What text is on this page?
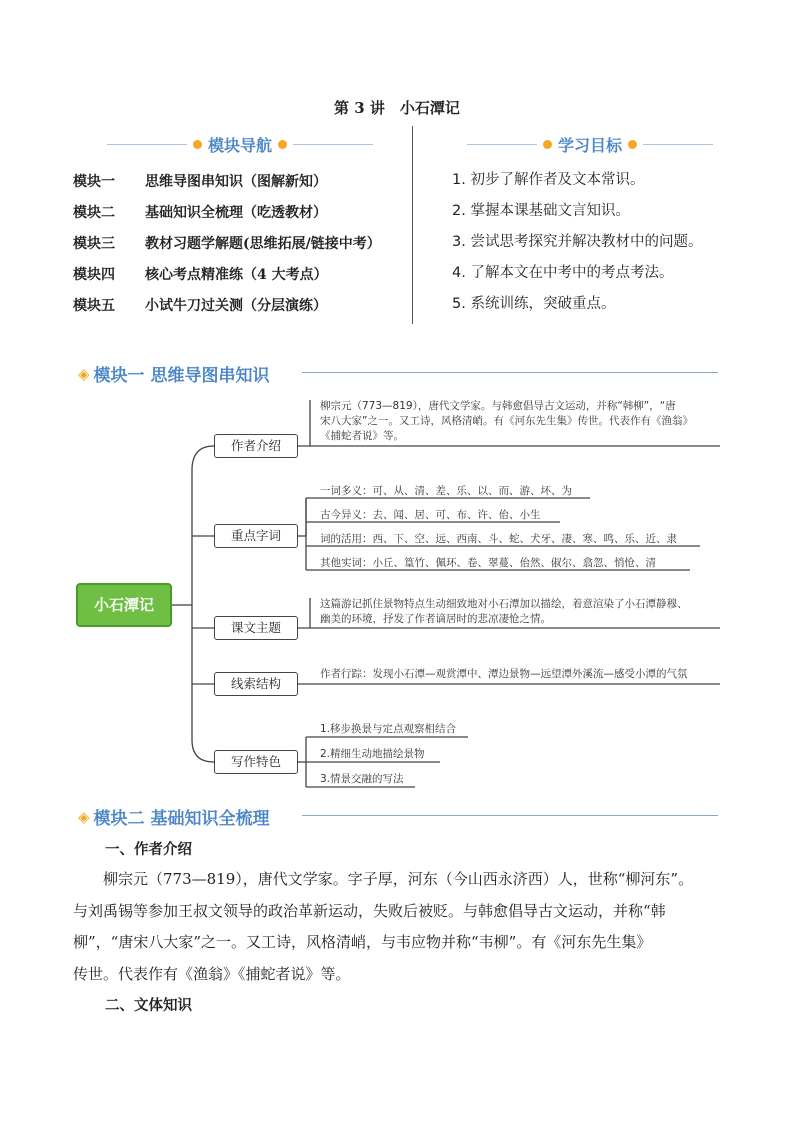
第 3 讲　小石潭记
模块导航
模块一	思维导图串知识（图解新知）
模块二	基础知识全梳理（吃透教材）
模块三	教材习题学解题(思维拓展/链接中考）
模块四	核心考点精准练（4 大考点）
模块五	小试牛刀过关测（分层演练）
学习目标
1. 初步了解作者及文本常识。
2. 掌握本课基础文言知识。
3. 尝试思考探究并解决教材中的问题。
4. 了解本文在中考中的考点考法。
5. 系统训练，突破重点。
◈ 模块一 思维导图串知识
小石潭记
作者介绍
柳宗元（773—819），唐代文学家。与韩愈倡导古文运动，并称“韩柳”，“唐
宋八大家”之一。又工诗，风格清峭。有《河东先生集》传世。代表作有《渔翁》
《捕蛇者说》等。
重点字词
一词多义：可、从、清、差、乐、以、而、游、坏、为
古今异义：去、闻、居、可、布、许、佁、小生
词的活用：西、下、空、远、西南、斗、蛇、犬牙、凄、寒、鸣、乐、近、隶
其他实词：小丘、篁竹、佩环、卷、翠蔓、佁然、俶尔、翕忽、悄怆、清
课文主题
这篇游记抓住景物特点生动细致地对小石潭加以描绘，着意渲染了小石潭静穆、
幽美的环境，抒发了作者谪居时的悲凉凄怆之情。
线索结构
作者行踪：发现小石潭—观赏潭中、潭边景物—远望潭外溪流—感受小潭的气氛
写作特色
1.移步换景与定点观察相结合
2.精细生动地描绘景物
3.情景交融的写法
◈ 模块二 基础知识全梳理
一、作者介绍
柳宗元（773—819），唐代文学家。字子厚，河东（今山西永济西）人，世称“柳河东”。
与刘禹锡等参加王叔文领导的政治革新运动，失败后被贬。与韩愈倡导古文运动，并称“韩
柳”，“唐宋八大家”之一。又工诗，风格清峭，与韦应物并称“韦柳”。有《河东先生集》
传世。代表作有《渔翁》《捕蛇者说》等。
二、文体知识
